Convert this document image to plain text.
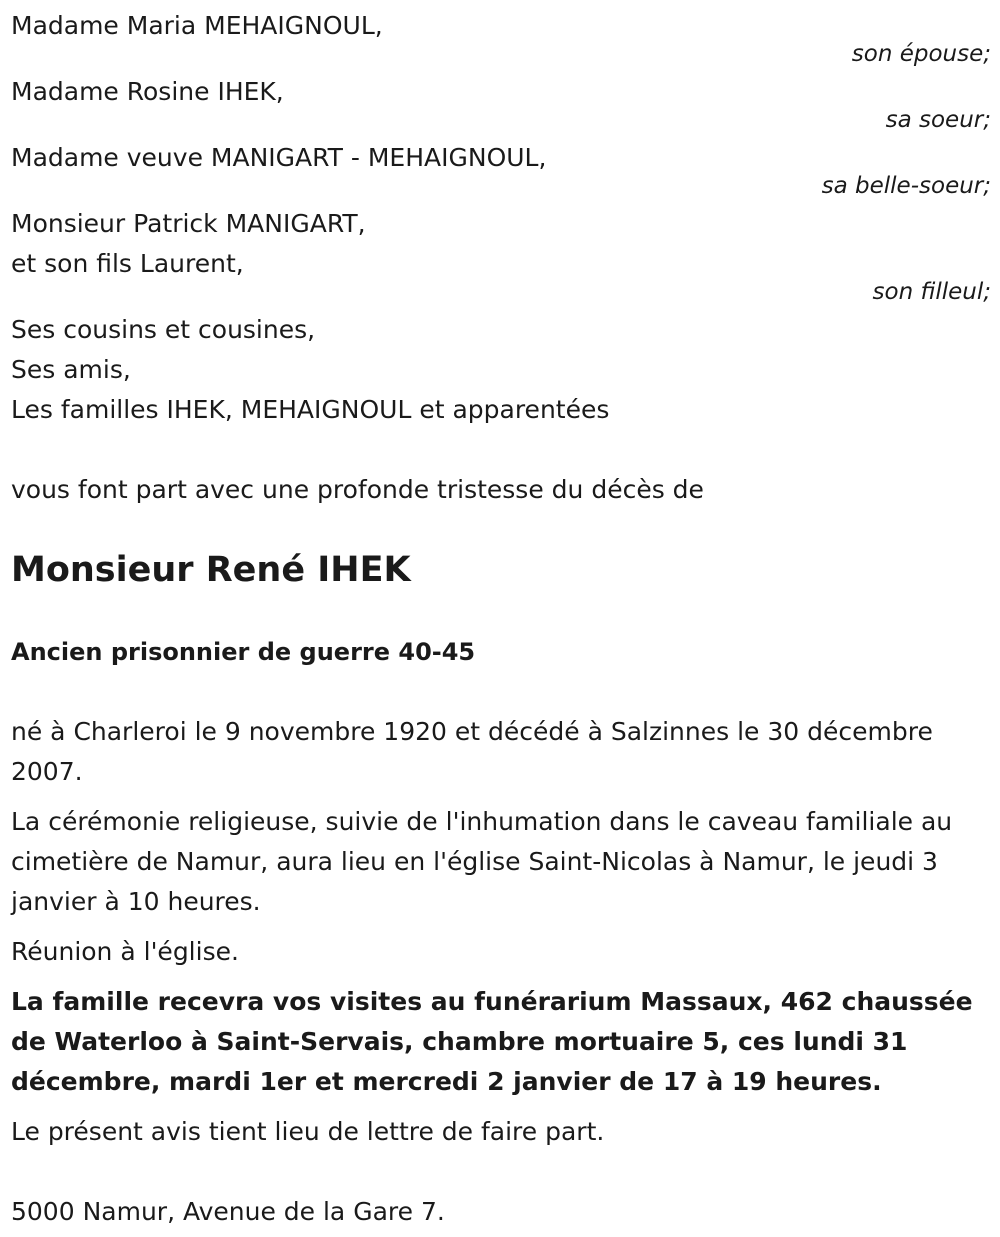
Madame Maria MEHAIGNOUL,

son épouse;

Madame Rosine IHEK,

sa soeur;

Madame veuve MANIGART - MEHAIGNOUL,

sa belle-soeur;

Monsieur Patrick MANIGART,

et son fils Laurent,

son filleul;

Ses cousins et cousines,

Ses amis,

Les familles IHEK, MEHAIGNOUL et apparentées

vous font part avec une profonde tristesse du décès de

Monsieur René IHEK

Ancien prisonnier de guerre 40-45

né à Charleroi le 9 novembre 1920 et décédé à Salzinnes le 30 décembre 2007.

La cérémonie religieuse, suivie de l'inhumation dans le caveau familiale au cimetière de Namur, aura lieu en l'église Saint-Nicolas à Namur, le jeudi 3 janvier à 10 heures.

Réunion à l'église.

La famille recevra vos visites au funérarium Massaux, 462 chaussée de Waterloo à Saint-Servais, chambre mortuaire 5, ces lundi 31 décembre, mardi 1er et mercredi 2 janvier de 17 à 19 heures.

Le présent avis tient lieu de lettre de faire part.

5000 Namur, Avenue de la Gare 7.
